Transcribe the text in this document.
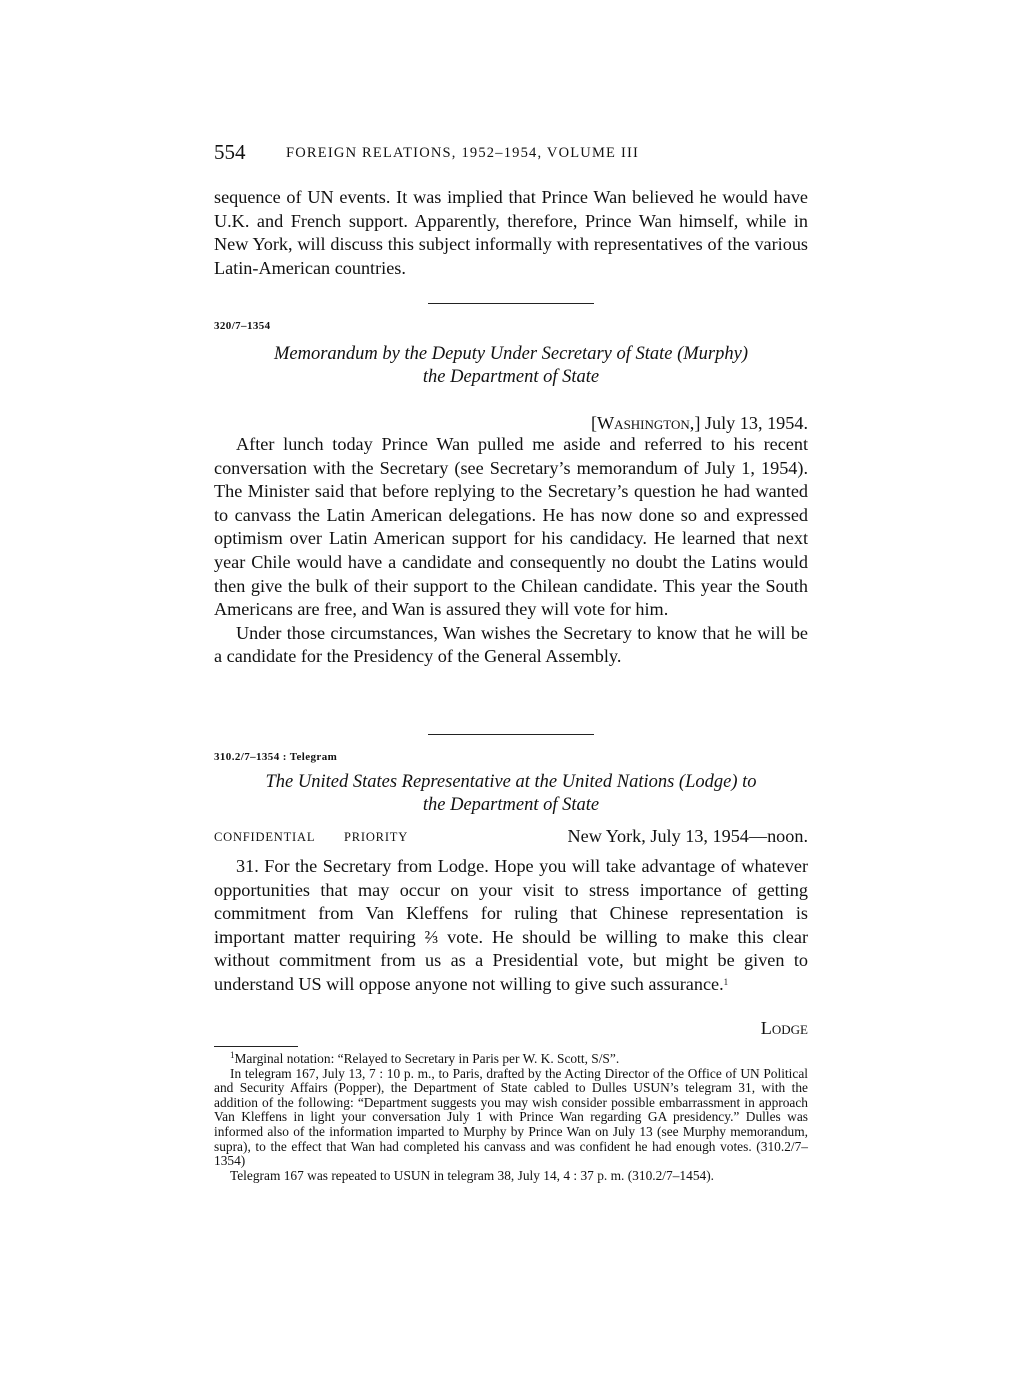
554	FOREIGN RELATIONS, 1952–1954, VOLUME III

sequence of UN events. It was implied that Prince Wan believed he would have U.K. and French support. Apparently, therefore, Prince Wan himself, while in New York, will discuss this subject informally with representatives of the various Latin-American countries.

320/7–1354
Memorandum by the Deputy Under Secretary of State (Murphy)
the Department of State
[Washington,] July 13, 1954.

After lunch today Prince Wan pulled me aside and referred to his recent conversation with the Secretary (see Secretary’s memorandum of July 1, 1954). The Minister said that before replying to the Secretary’s question he had wanted to canvass the Latin American delegations. He has now done so and expressed optimism over Latin American support for his candidacy. He learned that next year Chile would have a candidate and consequently no doubt the Latins would then give the bulk of their support to the Chilean candidate. This year the South Americans are free, and Wan is assured they will vote for him.

Under those circumstances, Wan wishes the Secretary to know that he will be a candidate for the Presidency of the General Assembly.

310.2/7–1354 : Telegram
The United States Representative at the United Nations (Lodge) to
the Department of State
CONFIDENTIAL PRIORITY	New York, July 13, 1954—noon.

31. For the Secretary from Lodge. Hope you will take advantage of whatever opportunities that may occur on your visit to stress importance of getting commitment from Van Kleffens for ruling that Chinese representation is important matter requiring ⅔ vote. He should be willing to make this clear without commitment from us as a Presidential vote, but might be given to understand US will oppose anyone not willing to give such assurance.$^1$

Lodge

$^1$Marginal notation: “Relayed to Secretary in Paris per W. K. Scott, S/S”.

In telegram 167, July 13, 7 : 10 p. m., to Paris, drafted by the Acting Director of the Office of UN Political and Security Affairs (Popper), the Department of State cabled to Dulles USUN’s telegram 31, with the addition of the following: “Department suggests you may wish consider possible embarrassment in approach Van Kleffens in light your conversation July 1 with Prince Wan regarding GA presidency.” Dulles was informed also of the information imparted to Murphy by Prince Wan on July 13 (see Murphy memorandum, supra), to the effect that Wan had completed his canvass and was confident he had enough votes. (310.2/7–1354)

Telegram 167 was repeated to USUN in telegram 38, July 14, 4 : 37 p. m. (310.2/7–1454).
